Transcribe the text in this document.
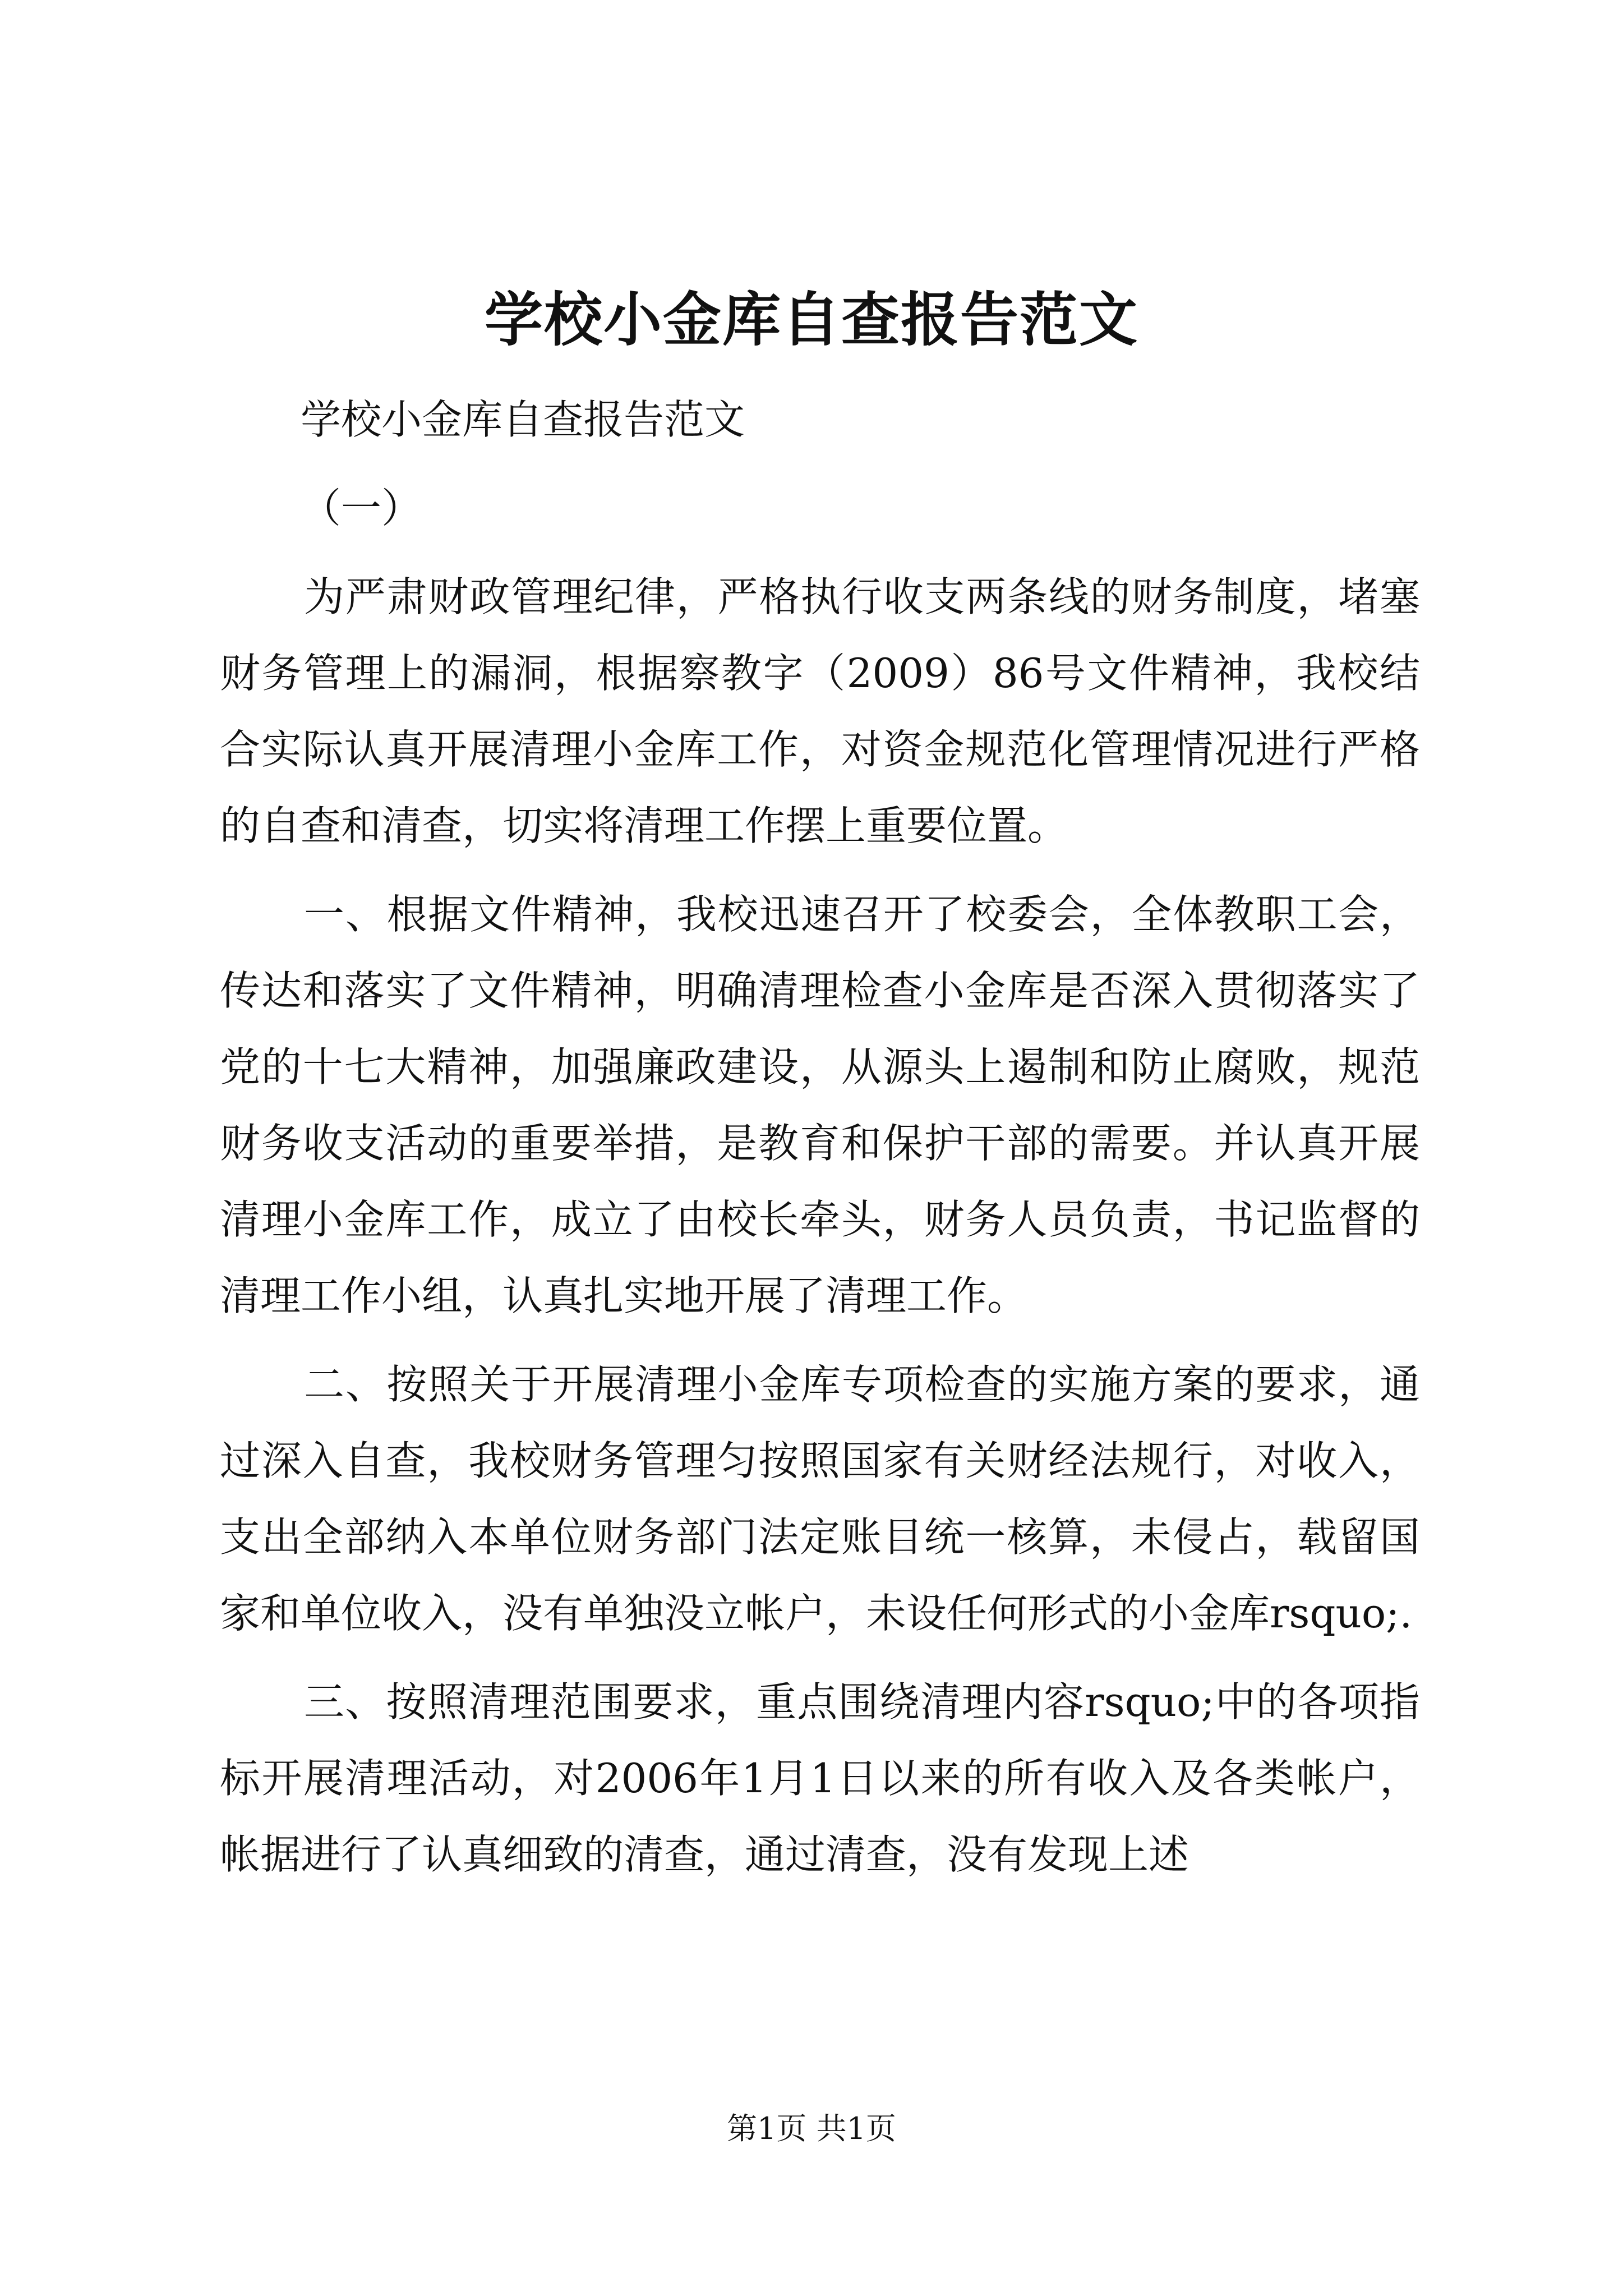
学校小金库自查报告范文

学校小金库自查报告范文

（一）

为严肃财政管理纪律，严格执行收支两条线的财务制度，堵塞财务管理上的漏洞，根据察教字（2009）86号文件精神，我校结合实际认真开展清理小金库工作，对资金规范化管理情况进行严格的自查和清查，切实将清理工作摆上重要位置。

一、根据文件精神，我校迅速召开了校委会，全体教职工会，传达和落实了文件精神，明确清理检查小金库是否深入贯彻落实了党的十七大精神，加强廉政建设，从源头上遏制和防止腐败，规范财务收支活动的重要举措，是教育和保护干部的需要。并认真开展清理小金库工作，成立了由校长牵头，财务人员负责，书记监督的清理工作小组，认真扎实地开展了清理工作。

二、按照关于开展清理小金库专项检查的实施方案的要求，通过深入自查，我校财务管理匀按照国家有关财经法规行，对收入，支出全部纳入本单位财务部门法定账目统一核算，未侵占，载留国家和单位收入，没有单独没立帐户，未设任何形式的小金库rsquo;.

三、按照清理范围要求，重点围绕清理内容rsquo;中的各项指标开展清理活动，对2006年1月1日以来的所有收入及各类帐户，帐据进行了认真细致的清查，通过清查，没有发现上述

第1页 共1页
